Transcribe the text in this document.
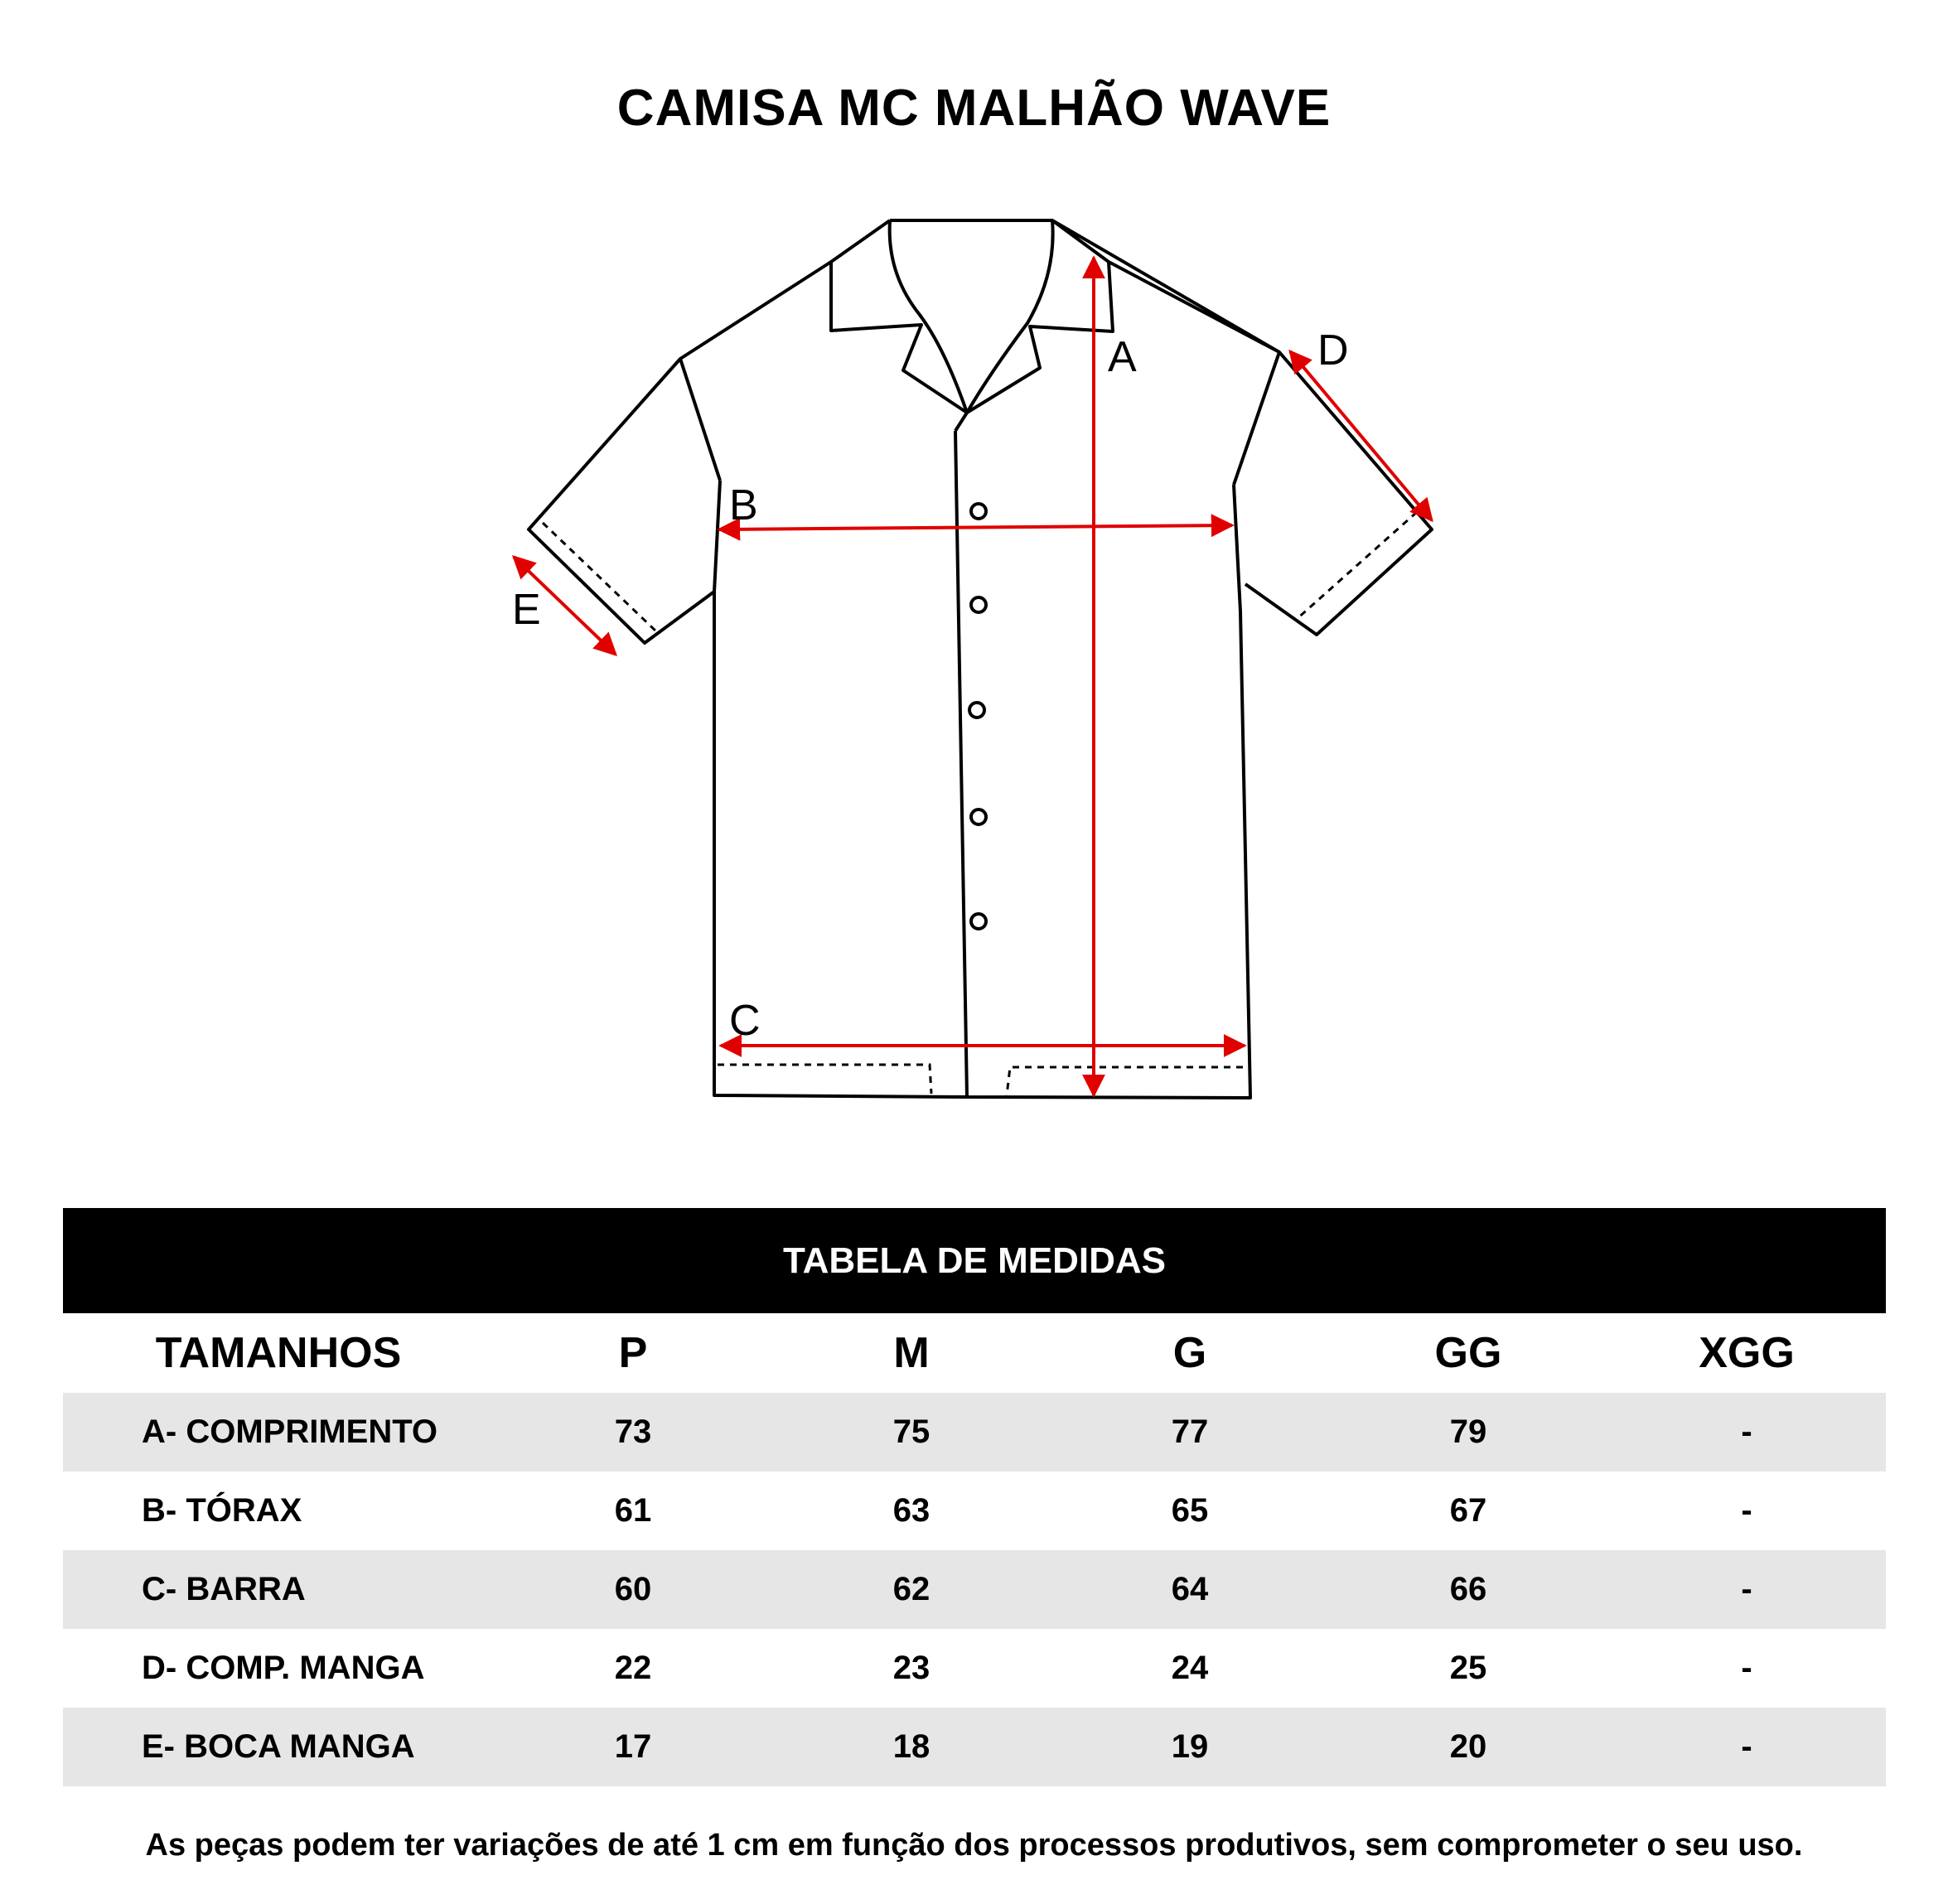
CAMISA MC MALHÃO WAVE
A
B
C
D
E
TABELA DE MEDIDAS
TAMANHOS	P	M	G	GG	XGG
A- COMPRIMENTO	73	75	77	79	-
B- TÓRAX	61	63	65	67	-
C- BARRA	60	62	64	66	-
D- COMP. MANGA	22	23	24	25	-
E- BOCA MANGA	17	18	19	20	-
As peças podem ter variações de até 1 cm em função dos processos produtivos, sem comprometer o seu uso.
